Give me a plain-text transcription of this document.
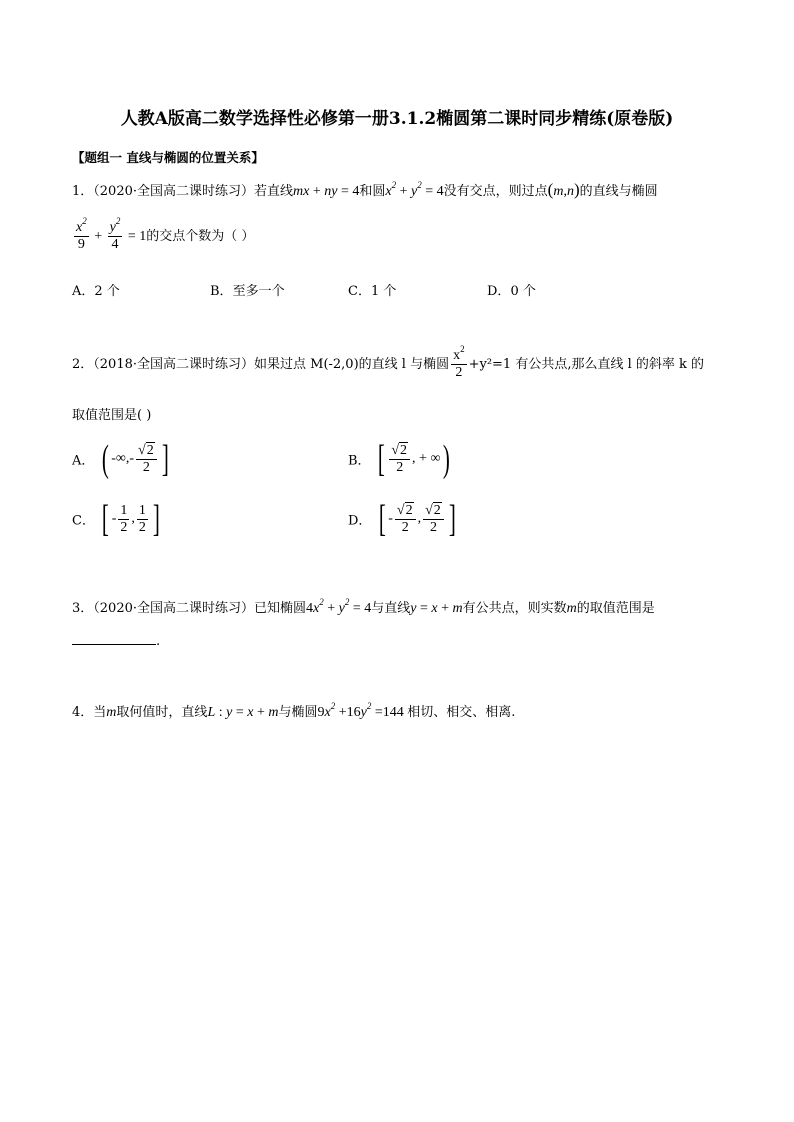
人教A版高二数学选择性必修第一册3.1.2椭圆第二课时同步精练(原卷版)
【题组一 直线与椭圆的位置关系】
1．（2020·全国高二课时练习）若直线mx + ny = 4和圆$x^2 + y^2 = 4$没有交点，则过点(m,n)的直线与椭圆
$\frac{x^2}{9} + \frac{y^2}{4} = 1$的交点个数为（ ）
A．2 个	B．至多一个	C．1 个	D．0 个
2．（2018·全国高二课时练习）如果过点 M(-2,0)的直线 l 与椭圆 $\frac{x^2}{2} +y^2=1$ 有公共点,那么直线 l 的斜率 k 的
取值范围是( )
A． ( -∞,- $\frac{√2}{2}$ ]	B． [ $\frac{√2}{2}$ , + ∞)
C． [ - $\frac{1}{2}$ , $\frac{1}{2}$ ]	D． [ - $\frac{√2}{2}$ , $\frac{√2}{2}$ ]
3．（2020·全国高二课时练习）已知椭圆$4x^2 + y^2 = 4$与直线y = x + m有公共点，则实数m的取值范围是
.
4．当m取何值时，直线L : y = x + m与椭圆$9x^2 +16y^2 =144$ 相切、相交、相离.
